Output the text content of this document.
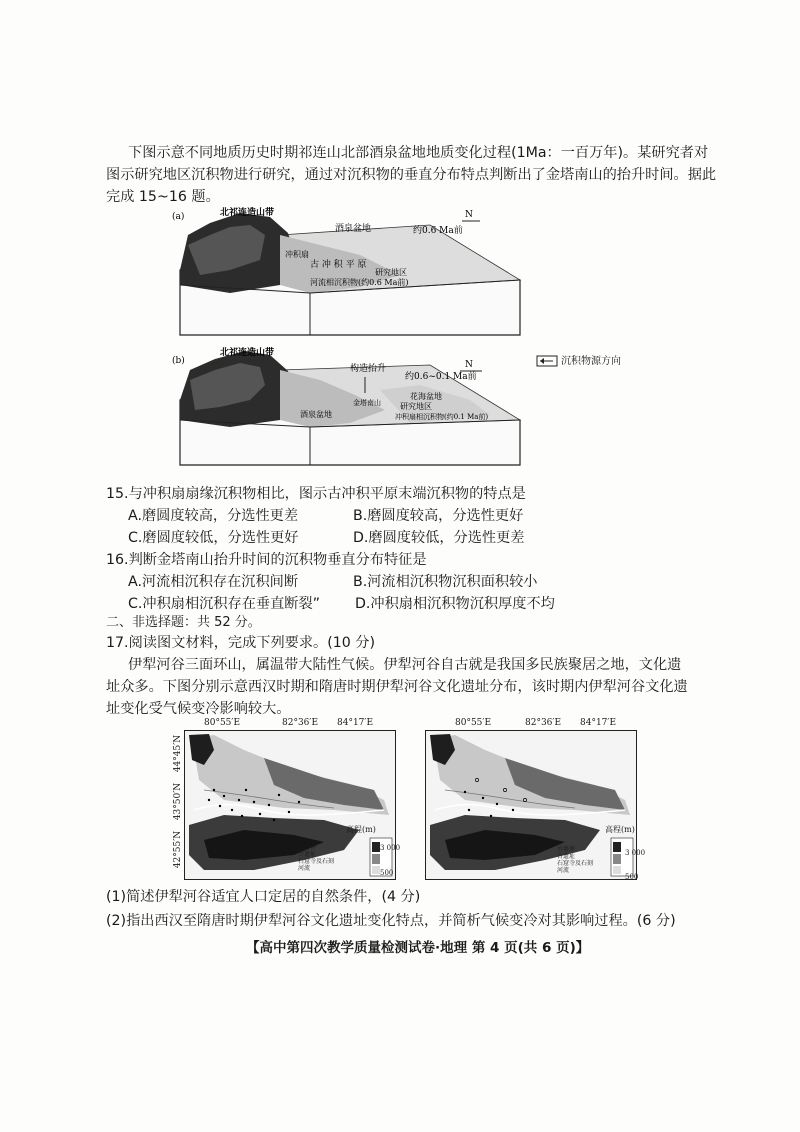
下图示意不同地质历史时期祁连山北部酒泉盆地地质变化过程(1Ma：一百万年)。某研究者对
图示研究地区沉积物进行研究，通过对沉积物的垂直分布特点判断出了金塔南山的抬升时间。据此
完成 15~16 题。
(a)	北祁连造山带
酒泉盆地	约0.6 Ma前
N
冲积扇
古 冲 积 平 原
研究地区
河流相沉积物(约0.6 Ma前)
(b)
北祁连造山带
构造抬升
约0.6~0.1 Ma前
N
金塔南山
花海盆地
研究地区
酒泉盆地	冲积扇相沉积物(约0.1 Ma前)
沉积物源方向
15.与冲积扇扇缘沉积物相比，图示古冲积平原末端沉积物的特点是
A.磨圆度较高，分选性更差	B.磨圆度较高，分选性更好
C.磨圆度较低，分选性更好	D.磨圆度较低，分选性更差
16.判断金塔南山抬升时间的沉积物垂直分布特征是
A.河流相沉积存在沉积间断	B.河流相沉积物沉积面积较小
C.冲积扇相沉积存在垂直断裂” D.冲积扇相沉积物沉积厚度不均
二、非选择题：共 52 分。
17.阅读图文材料，完成下列要求。(10 分)
伊犁河谷三面环山，属温带大陆性气候。伊犁河谷自古就是我国多民族聚居之地，文化遗
址众多。下图分别示意西汉时期和隋唐时期伊犁河谷文化遗址分布，该时期内伊犁河谷文化遗
址变化受气候变冷影响较大。
80°55′E	82°36′E 84°17′E
44°45′N
43°50′N
42°55′N
高程(m)
3 000
500
古墓葬
古遗址
石窟寺及石刻
河流
80°55′E	82°36′E 84°17′E
高程(m)
3 000
500
古墓葬
古遗址
石窟寺及石刻
河流
(1)简述伊犁河谷适宜人口定居的自然条件，(4 分)
(2)指出西汉至隋唐时期伊犁河谷文化遗址变化特点，并简析气候变冷对其影响过程。(6 分)
【高中第四次教学质量检测试卷·地理 第 4 页(共 6 页)】
